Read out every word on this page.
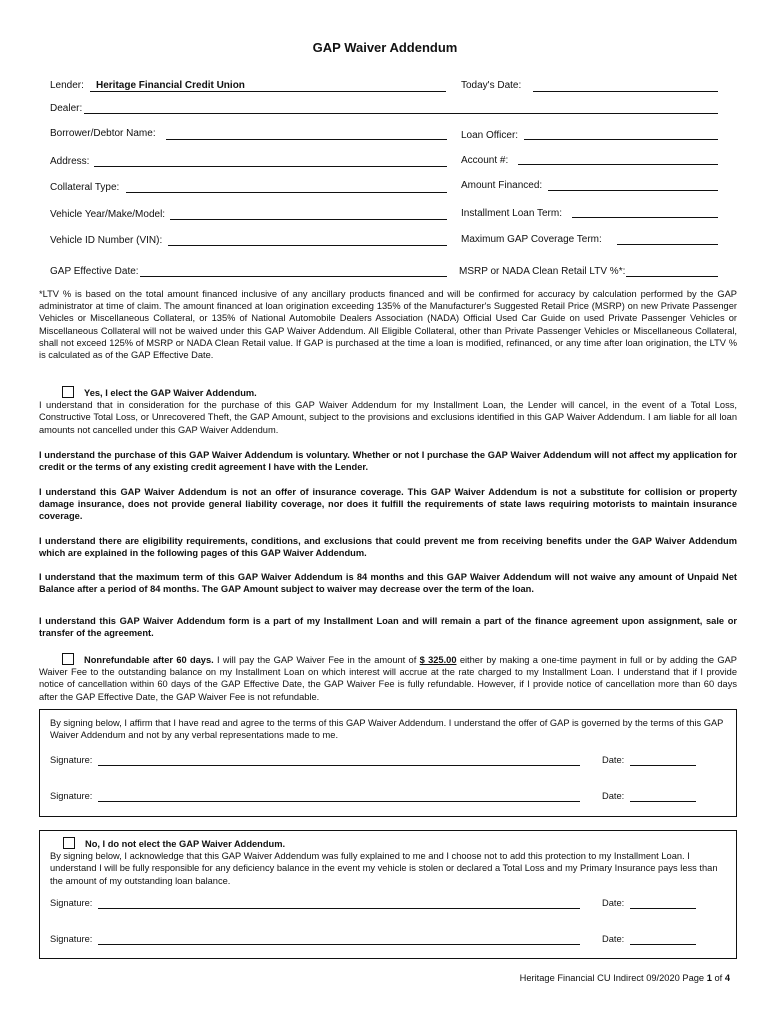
GAP Waiver Addendum
Lender: Heritage Financial Credit Union	Today's Date:
Dealer:
Borrower/Debtor Name:	Loan Officer:
Address:	Account #:
Collateral Type:	Amount Financed:
Vehicle Year/Make/Model:	Installment Loan Term:
Vehicle ID Number (VIN):	Maximum GAP Coverage Term:
GAP Effective Date:	MSRP or NADA Clean Retail LTV %*:
*LTV % is based on the total amount financed inclusive of any ancillary products financed and will be confirmed for accuracy by calculation performed by the GAP administrator at time of claim. The amount financed at loan origination exceeding 135% of the Manufacturer's Suggested Retail Price (MSRP) on new Private Passenger Vehicles or Miscellaneous Collateral, or 135% of National Automobile Dealers Association (NADA) Official Used Car Guide on used Private Passenger Vehicles or Miscellaneous Collateral will not be waived under this GAP Waiver Addendum. All Eligible Collateral, other than Private Passenger Vehicles or Miscellaneous Collateral, shall not exceed 125% of MSRP or NADA Clean Retail value. If GAP is purchased at the time a loan is modified, refinanced, or any time after loan origination, the LTV % is calculated as of the GAP Effective Date.
Yes, I elect the GAP Waiver Addendum.
I understand that in consideration for the purchase of this GAP Waiver Addendum for my Installment Loan, the Lender will cancel, in the event of a Total Loss, Constructive Total Loss, or Unrecovered Theft, the GAP Amount, subject to the provisions and exclusions identified in this GAP Waiver Addendum. I am liable for all loan amounts not cancelled under this GAP Waiver Addendum.
I understand the purchase of this GAP Waiver Addendum is voluntary. Whether or not I purchase the GAP Waiver Addendum will not affect my application for credit or the terms of any existing credit agreement I have with the Lender.
I understand this GAP Waiver Addendum is not an offer of insurance coverage. This GAP Waiver Addendum is not a substitute for collision or property damage insurance, does not provide general liability coverage, nor does it fulfill the requirements of state laws requiring motorists to maintain insurance coverage.
I understand there are eligibility requirements, conditions, and exclusions that could prevent me from receiving benefits under the GAP Waiver Addendum which are explained in the following pages of this GAP Waiver Addendum.
I understand that the maximum term of this GAP Waiver Addendum is 84 months and this GAP Waiver Addendum will not waive any amount of Unpaid Net Balance after a period of 84 months. The GAP Amount subject to waiver may decrease over the term of the loan.
I understand this GAP Waiver Addendum form is a part of my Installment Loan and will remain a part of the finance agreement upon assignment, sale or transfer of the agreement.
Nonrefundable after 60 days. I will pay the GAP Waiver Fee in the amount of $ 325.00 either by making a one-time payment in full or by adding the GAP Waiver Fee to the outstanding balance on my Installment Loan on which interest will accrue at the rate charged to my Installment Loan. I understand that if I provide notice of cancellation within 60 days of the GAP Effective Date, the GAP Waiver Fee is fully refundable. However, if I provide notice of cancellation more than 60 days after the GAP Effective Date, the GAP Waiver Fee is not refundable.
By signing below, I affirm that I have read and agree to the terms of this GAP Waiver Addendum. I understand the offer of GAP is governed by the terms of this GAP Waiver Addendum and not by any verbal representations made to me.
Signature:	Date:
Signature:	Date:
No, I do not elect the GAP Waiver Addendum.
By signing below, I acknowledge that this GAP Waiver Addendum was fully explained to me and I choose not to add this protection to my Installment Loan. I understand I will be fully responsible for any deficiency balance in the event my vehicle is stolen or declared a Total Loss and my Primary Insurance pays less than the amount of my outstanding loan balance.
Signature:	Date:
Signature:	Date:
Heritage Financial CU Indirect 09/2020 Page 1 of 4
